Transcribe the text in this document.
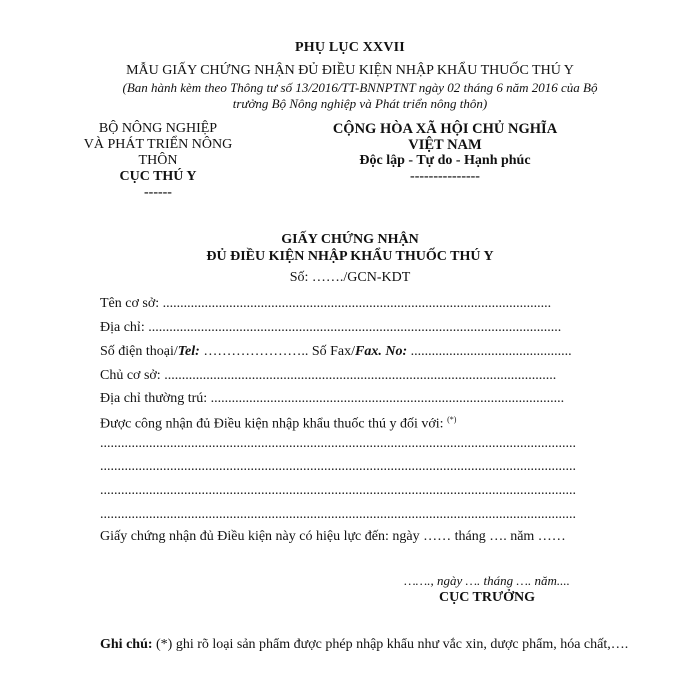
PHỤ LỤC XXVII
MẪU GIẤY CHỨNG NHẬN ĐỦ ĐIỀU KIỆN NHẬP KHẨU THUỐC THÚ Y
(Ban hành kèm theo Thông tư số 13/2016/TT-BNNPTNT ngày 02 tháng 6 năm 2016 của Bộ
trưởng Bộ Nông nghiệp và Phát triển nông thôn)
BỘ NÔNG NGHIỆP
VÀ PHÁT TRIỂN NÔNG
THÔN
CỤC THÚ Y
------
CỘNG HÒA XÃ HỘI CHỦ NGHĨA VIỆT NAM
Độc lập - Tự do - Hạnh phúc
---------------
GIẤY CHỨNG NHẬN
ĐỦ ĐIỀU KIỆN NHẬP KHẨU THUỐC THÚ Y
Số: ……./GCN-KDT
Tên cơ sở: ...............................................................................................................
Địa chỉ: ......................................................................................................................
Số điện thoại/Tel: ………………….. Số Fax/Fax. No: ..............................................
Chủ cơ sở: ................................................................................................................
Địa chỉ thường trú: .....................................................................................................
Được công nhận đủ Điều kiện nhập khẩu thuốc thú y đối với: (*)
........................................................................................................................................
........................................................................................................................................
........................................................................................................................................
........................................................................................................................................
Giấy chứng nhận đủ Điều kiện này có hiệu lực đến: ngày …… tháng …. năm ……
……., ngày …. tháng …. năm....
CỤC TRƯỞNG
Ghi chú: (*) ghi rõ loại sản phẩm được phép nhập khẩu như vắc xin, dược phẩm, hóa chất,….
